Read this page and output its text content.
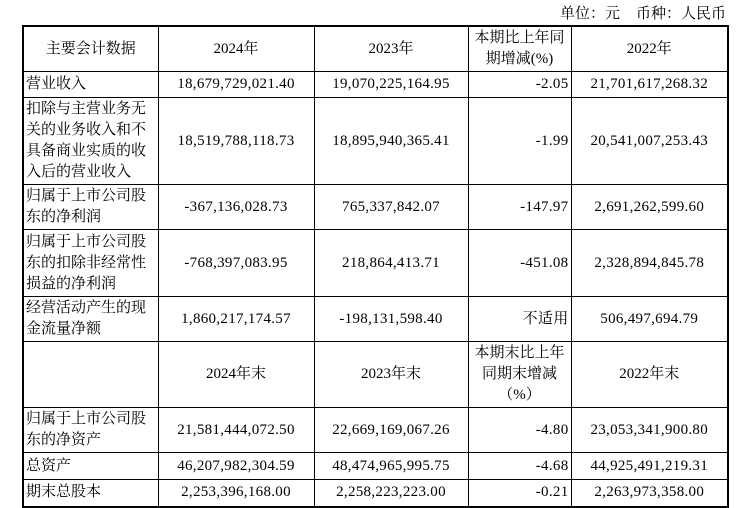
单位：元 币种：人民币
主要会计数据	2024年	2023年	本期比上年同期增减(%)	2022年
营业收入	18,679,729,021.40	19,070,225,164.95	-2.05	21,701,617,268.32
扣除与主营业务无关的业务收入和不具备商业实质的收入后的营业收入	18,519,788,118.73	18,895,940,365.41	-1.99	20,541,007,253.43
归属于上市公司股东的净利润	-367,136,028.73	765,337,842.07	-147.97	2,691,262,599.60
归属于上市公司股东的扣除非经常性损益的净利润	-768,397,083.95	218,864,413.71	-451.08	2,328,894,845.78
经营活动产生的现金流量净额	1,860,217,174.57	-198,131,598.40	不适用	506,497,694.79
	2024年末	2023年末	本期末比上年同期末增减（%）	2022年末
归属于上市公司股东的净资产	21,581,444,072.50	22,669,169,067.26	-4.80	23,053,341,900.80
总资产	46,207,982,304.59	48,474,965,995.75	-4.68	44,925,491,219.31
期末总股本	2,253,396,168.00	2,258,223,223.00	-0.21	2,263,973,358.00
